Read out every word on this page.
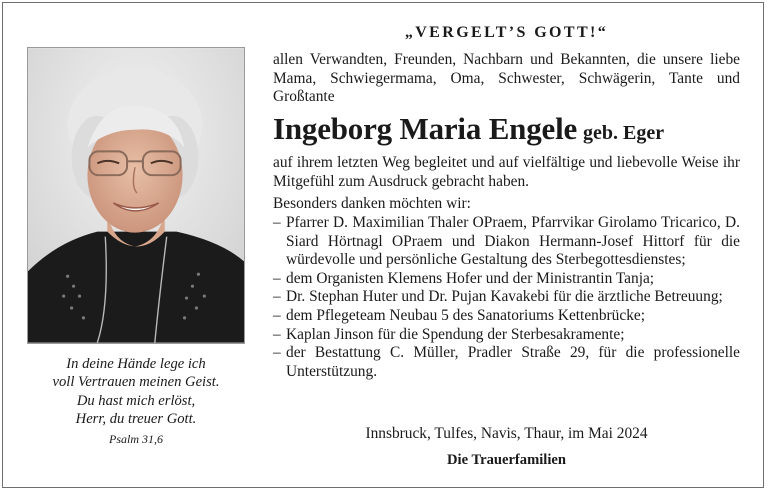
In deine Hände lege ich
voll Vertrauen meinen Geist.
Du hast mich erlöst,
Herr, du treuer Gott.
Psalm 31,6
„VERGELT’S GOTT!“
allen Verwandten, Freunden, Nachbarn und Bekannten, die unsere liebe Mama, Schwiegermama, Oma, Schwester, Schwägerin, Tante und Großtante
Ingeborg Maria Engele geb. Eger
auf ihrem letzten Weg begleitet und auf vielfältige und liebevolle Weise ihr Mitgefühl zum Ausdruck gebracht haben.
Besonders danken möchten wir:
– Pfarrer D. Maximilian Thaler OPraem, Pfarrvikar Girolamo Tricarico, D. Siard Hörtnagl OPraem und Diakon Hermann-Josef Hittorf für die würdevolle und persönliche Gestaltung des Sterbegottesdienstes;
– dem Organisten Klemens Hofer und der Ministrantin Tanja;
– Dr. Stephan Huter und Dr. Pujan Kavakebi für die ärztliche Betreuung;
– dem Pflegeteam Neubau 5 des Sanatoriums Kettenbrücke;
– Kaplan Jinson für die Spendung der Sterbesakramente;
– der Bestattung C. Müller, Pradler Straße 29, für die professionelle Unterstützung.
Innsbruck, Tulfes, Navis, Thaur, im Mai 2024
Die Trauerfamilien
